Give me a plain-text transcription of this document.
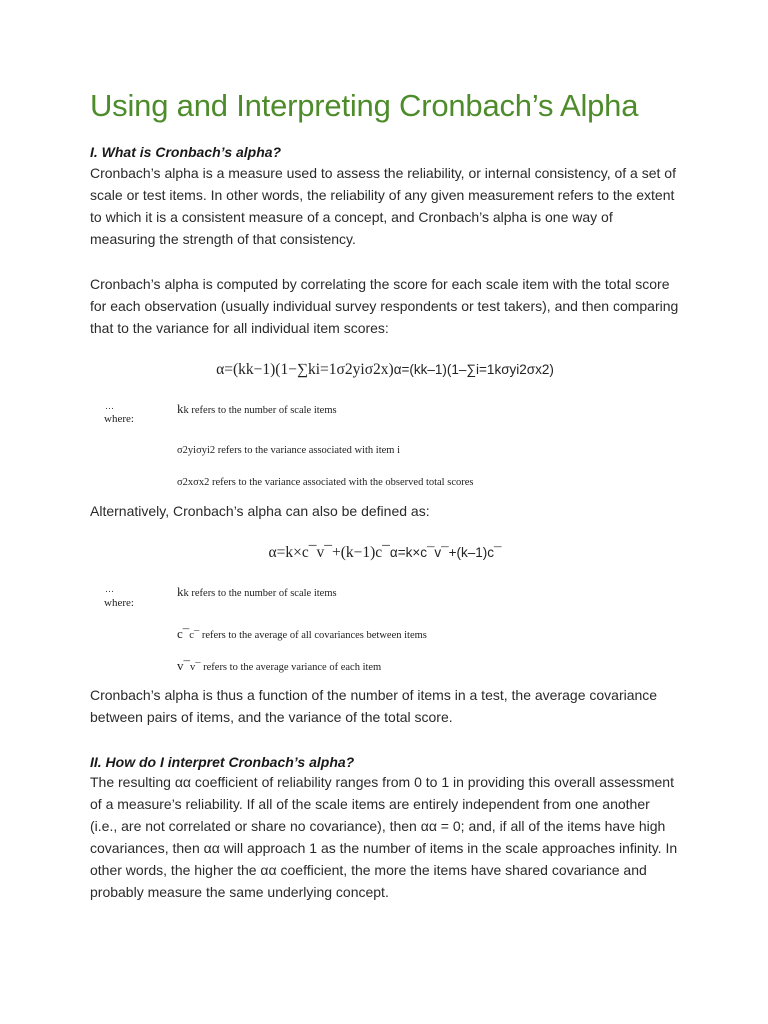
Using and Interpreting Cronbach’s Alpha
I. What is Cronbach’s alpha?

Cronbach’s alpha is a measure used to assess the reliability, or internal consistency, of a set of scale or test items. In other words, the reliability of any given measurement refers to the extent to which it is a consistent measure of a concept, and Cronbach’s alpha is one way of measuring the strength of that consistency.

Cronbach’s alpha is computed by correlating the score for each scale item with the total score for each observation (usually individual survey respondents or test takers), and then comparing that to the variance for all individual item scores:

α=(kk−1)(1−∑ki=1σ2yiσ2x)α=(kk–1)(1–∑i=1kσyi2σx2)
…
where:
kk refers to the number of scale items
σ2yiσyi2 refers to the variance associated with item i
σ2xσx2 refers to the variance associated with the observed total scores

Alternatively, Cronbach’s alpha can also be defined as:

α=k×c¯v¯+(k−1)c¯α=k×c¯v¯+(k–1)c¯
…
where:
kk refers to the number of scale items
c¯c¯ refers to the average of all covariances between items
v¯v¯ refers to the average variance of each item

Cronbach’s alpha is thus a function of the number of items in a test, the average covariance between pairs of items, and the variance of the total score.

II. How do I interpret Cronbach’s alpha?

The resulting αα coefficient of reliability ranges from 0 to 1 in providing this overall assessment of a measure’s reliability. If all of the scale items are entirely independent from one another (i.e., are not correlated or share no covariance), then αα = 0; and, if all of the items have high covariances, then αα will approach 1 as the number of items in the scale approaches infinity. In other words, the higher the αα coefficient, the more the items have shared covariance and probably measure the same underlying concept.
